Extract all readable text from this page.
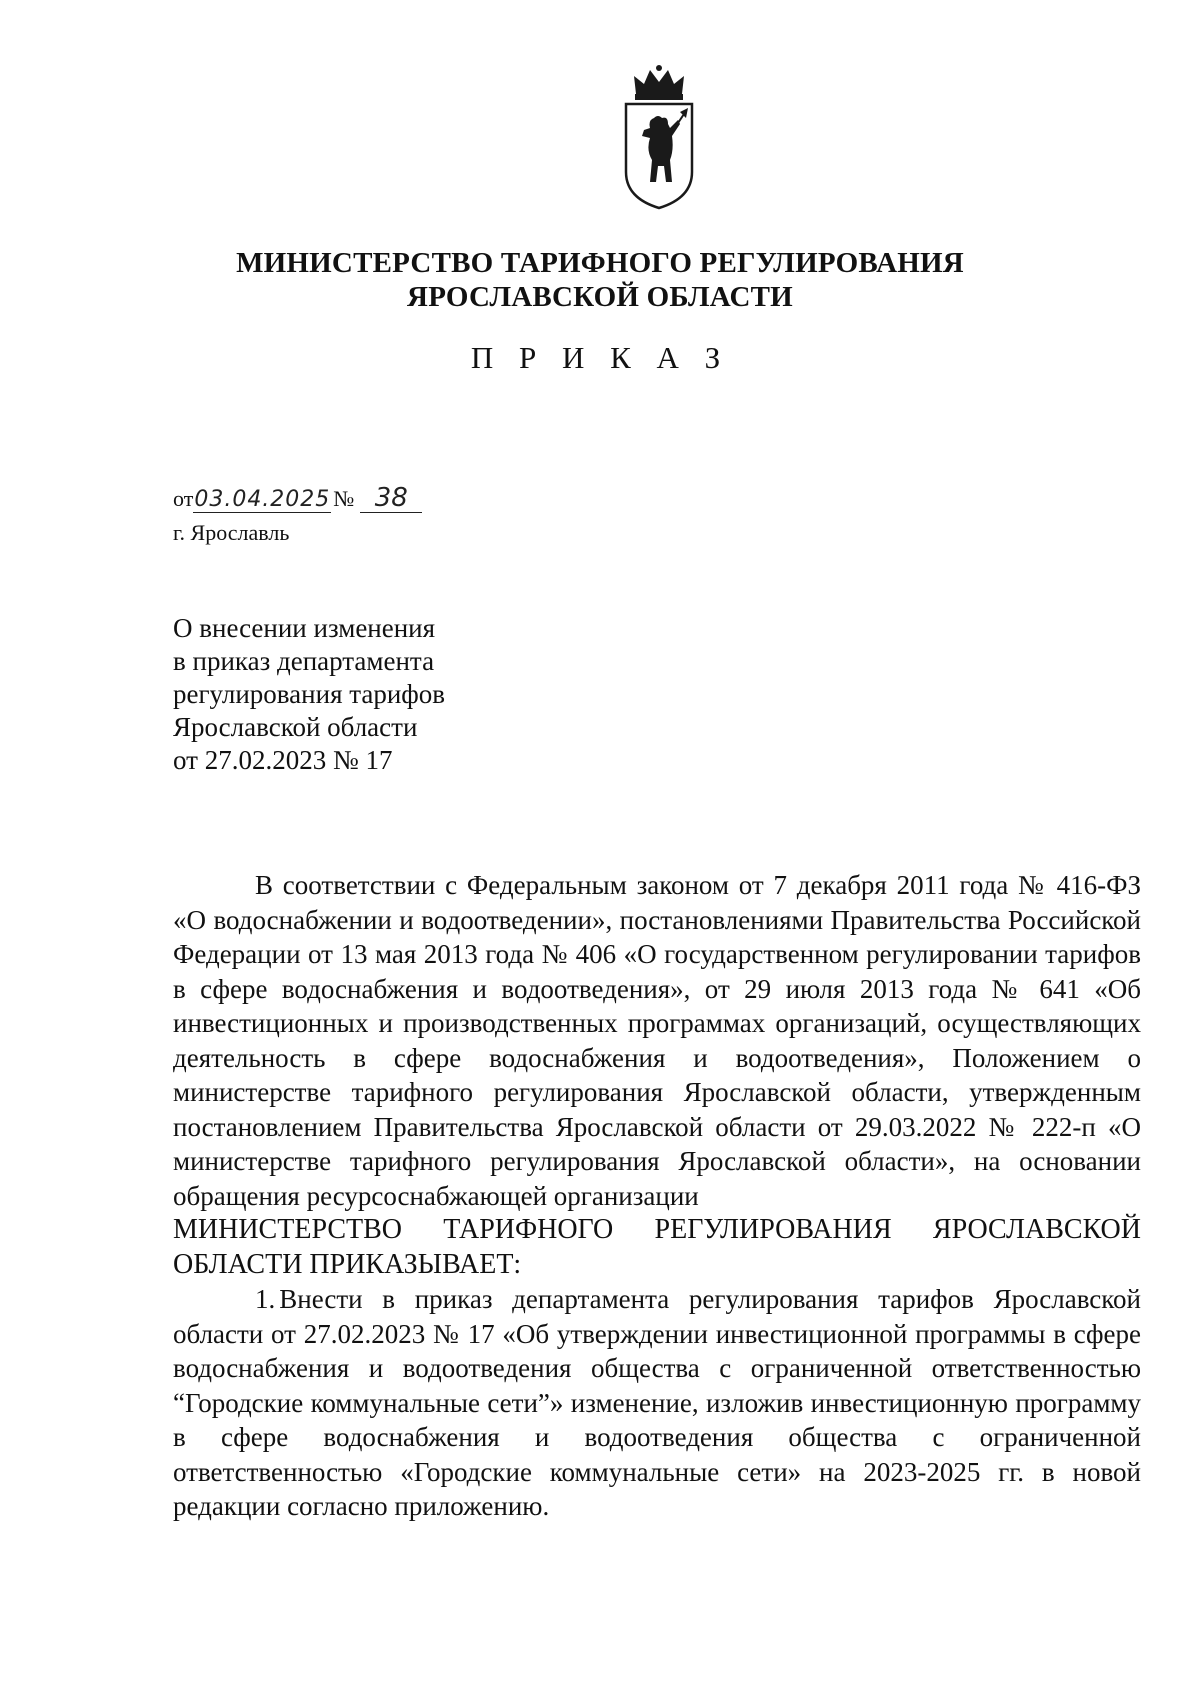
МИНИСТЕРСТВО ТАРИФНОГО РЕГУЛИРОВАНИЯ
ЯРОСЛАВСКОЙ ОБЛАСТИ
П Р И К А З
от03.04.2025 № 38
г. Ярославль
О внесении изменения
в приказ департамента
регулирования тарифов
Ярославской области
от 27.02.2023 № 17

В соответствии с Федеральным законом от 7 декабря 2011 года № 416-ФЗ «О водоснабжении и водоотведении», постановлениями Правительства Российской Федерации от 13 мая 2013 года № 406 «О государственном регулировании тарифов в сфере водоснабжения и водоотведения», от 29 июля 2013 года № 641 «Об инвестиционных и производственных программах организаций, осуществляющих деятельность в сфере водоснабжения и водоотведения», Положением о министерстве тарифного регулирования Ярославской области, утвержденным постановлением Правительства Ярославской области от 29.03.2022 № 222-п «О министерстве тарифного регулирования Ярославской области», на основании обращения ресурсоснабжающей организации

МИНИСТЕРСТВО ТАРИФНОГО РЕГУЛИРОВАНИЯ ЯРОСЛАВСКОЙ ОБЛАСТИ ПРИКАЗЫВАЕТ:

1. Внести в приказ департамента регулирования тарифов Ярославской области от 27.02.2023 № 17 «Об утверждении инвестиционной программы в сфере водоснабжения и водоотведения общества с ограниченной ответственностью “Городские коммунальные сети”» изменение, изложив инвестиционную программу в сфере водоснабжения и водоотведения общества с ограниченной ответственностью «Городские коммунальные сети» на 2023-2025 гг. в новой редакции согласно приложению.
